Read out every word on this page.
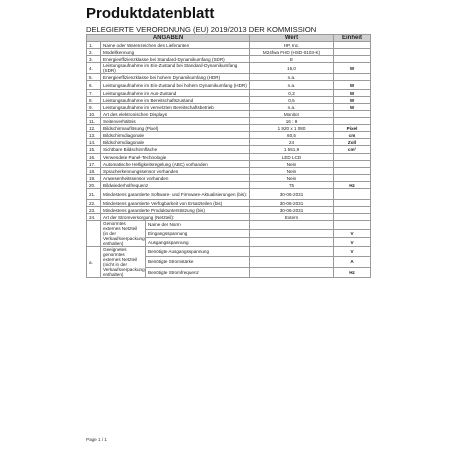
Produktdatenblatt
DELEGIERTE VERORDNUNG (EU) 2019/2013 DER KOMMISSION
ANGABEN			Wert	Einheit
1.	Name oder Warenzeichen des Lieferanten		HP, Inc.	
2.	Modellkennung		M24fwa FHD (HSD-0103-K)	
3.	Energieeffizienzklasse bei Standard-Dynamikumfang (SDR)		E	
4.	Leistungsaufnahme im Ein-Zustand bei Standard-Dynamikumfang (SDR)		15,0	W
5.	Energieeffizienzklasse bei hohem Dynamikumfang (HDR)		n.a.	
6.	Leistungsaufnahme im Ein-Zustand bei hohem Dynamikumfang (HDR)		n.a.	W
7.	Leistungsaufnahme im Aus-Zustand		0,3	W
8.	Leistungsaufnahme im Bereitschaftszustand		0,5	W
9.	Leistungsaufnahme im vernetzten Bereitschaftsbetrieb		n.a.	W
10.	Art des elektronischen Displays		Monitor	
11.	Seitenverhältnis		16 : 9	
12.	Bildschirmauflösung (Pixel)		1 920 x 1 080	Pixel
13.	Bildschirmdiagonale		60,5	cm
14.	Bildschirmdiagonale		24	Zoll
15.	Sichtbare Bildschirmfläche		1 551,9	cm²
16.	Verwendete Panel-Technologie		LED LCD	
17.	Automatische Helligkeitsregelung (ABC) vorhanden		Nein	
18.	Spracherkennungssensor vorhanden		Nein	
19.	Anwesenheitssensor vorhanden		Nein	
20.	Bildwiederholfrequenz		75	Hz
21.	Mindestens garantierte Software- und Firmware-Aktualisierungen (bis):		30-06-2031	
22.	Mindestens garantierte Verfügbarkeit von Ersatzteilen (bis)		30-06-2031	
23.	Mindestens garantierte Produktunterstützung (bis)		30-06-2031	
24.	Art der Stromversorgung (Netzteil):		Extern	
	Genormtes externes Netzteil (in der Verkaufsverpackung enthalten)	Name der Norm		
		Eingangsspannung		V
		Ausgangsspannung		V
a.	Geeignetes genormtes externes Netzteil (nicht in der Verkaufsverpackung enthalten)	Benötigte Ausgangsspannung		V
		Benötigte Stromstärke		A
		Benötigte Stromfrequenz		Hz
Page 1 / 1
